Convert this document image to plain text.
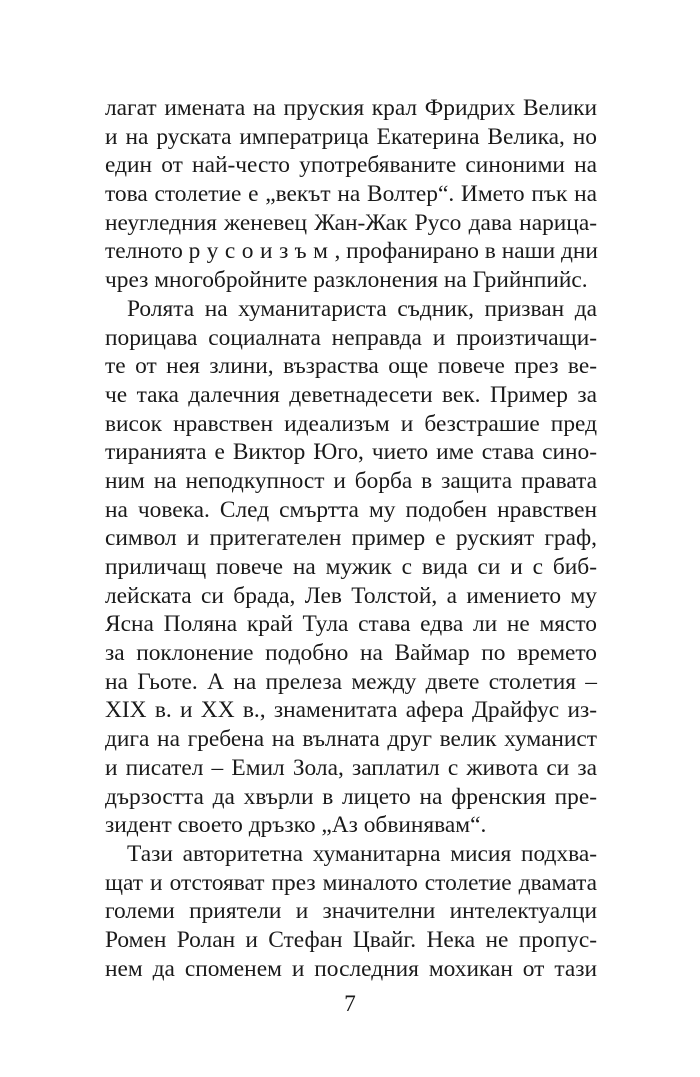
лагат имената на пруския крал Фридрих Велики
и на руската императрица Екатерина Велика, но
един от най-често употребяваните синоними на
това столетие е „векът на Волтер“. Името пък на
неугледния женевец Жан-Жак Русо дава нарица-
телното русоизъм, профанирано в наши дни
чрез многобройните разклонения на Грийнпийс.
Ролята на хуманитариста съдник, призван да
порицава социалната неправда и произтичащи-
те от нея злини, възраства още повече през ве-
че така далечния деветнадесети век. Пример за
висок нравствен идеализъм и безстрашие пред
тиранията е Виктор Юго, чието име става сино-
ним на неподкупност и борба в защита правата
на човека. След смъртта му подобен нравствен
символ и притегателен пример е руският граф,
приличащ повече на мужик с вида си и с биб-
лейската си брада, Лев Толстой, а имението му
Ясна Поляна край Тула става едва ли не място
за поклонение подобно на Ваймар по времето
на Гьоте. А на прелеза между двете столетия –
XIX в. и XX в., знаменитата афера Драйфус из-
дига на гребена на вълната друг велик хуманист
и писател – Емил Зола, заплатил с живота си за
дързостта да хвърли в лицето на френския пре-
зидент своето дръзко „Аз обвинявам“.
Тази авторитетна хуманитарна мисия подхва-
щат и отстояват през миналото столетие двамата
големи приятели и значителни интелектуалци
Ромен Ролан и Стефан Цвайг. Нека не пропус-
нем да споменем и последния мохикан от тази
7
